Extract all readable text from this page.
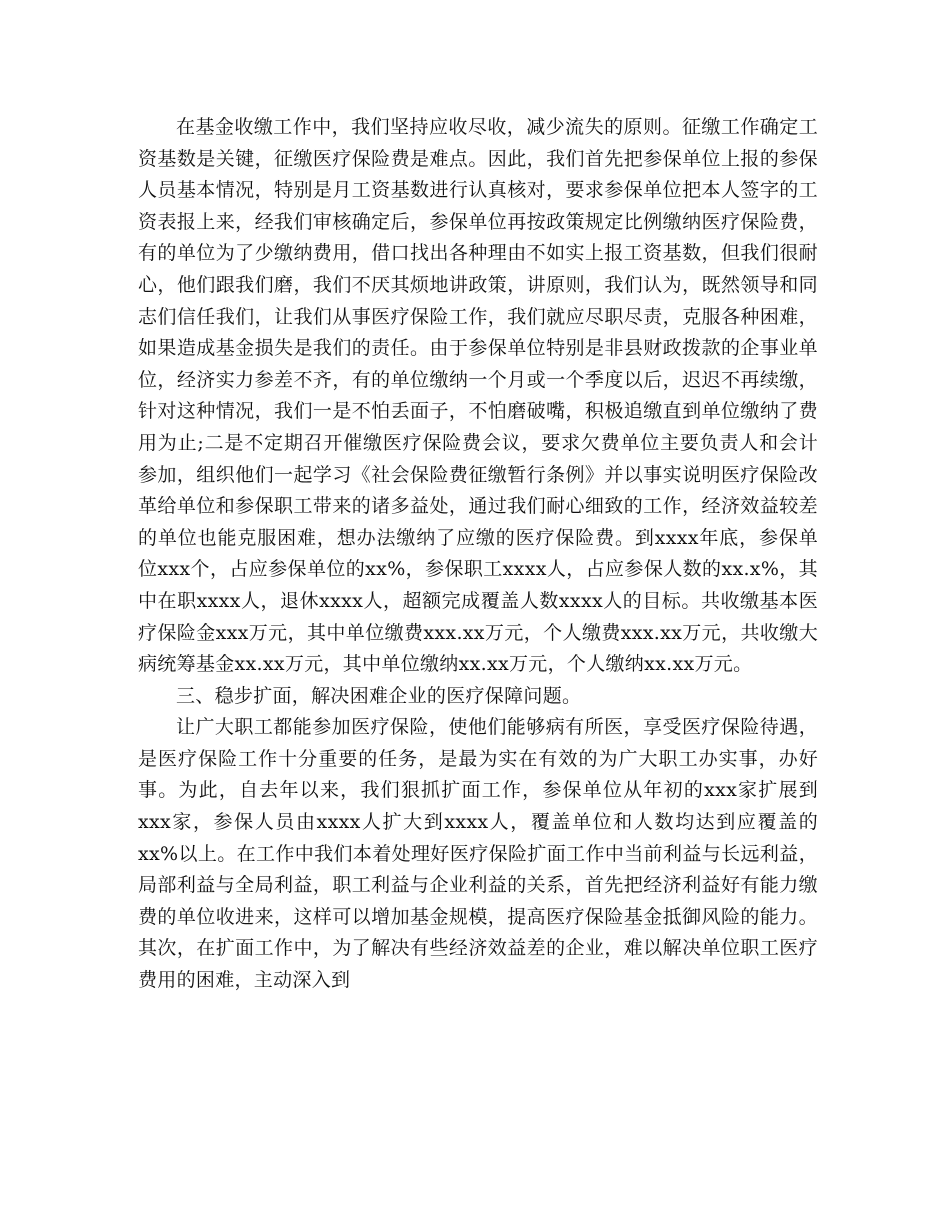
在基金收缴工作中，我们坚持应收尽收，减少流失的原则。征缴工作确定工资基数是关键，征缴医疗保险费是难点。因此，我们首先把参保单位上报的参保人员基本情况，特别是月工资基数进行认真核对，要求参保单位把本人签字的工资表报上来，经我们审核确定后，参保单位再按政策规定比例缴纳医疗保险费，有的单位为了少缴纳费用，借口找出各种理由不如实上报工资基数，但我们很耐心，他们跟我们磨，我们不厌其烦地讲政策，讲原则，我们认为，既然领导和同志们信任我们，让我们从事医疗保险工作，我们就应尽职尽责，克服各种困难，如果造成基金损失是我们的责任。由于参保单位特别是非县财政拨款的企事业单位，经济实力参差不齐，有的单位缴纳一个月或一个季度以后，迟迟不再续缴，针对这种情况，我们一是不怕丢面子，不怕磨破嘴，积极追缴直到单位缴纳了费用为止;二是不定期召开催缴医疗保险费会议，要求欠费单位主要负责人和会计参加，组织他们一起学习《社会保险费征缴暂行条例》并以事实说明医疗保险改革给单位和参保职工带来的诸多益处，通过我们耐心细致的工作，经济效益较差的单位也能克服困难，想办法缴纳了应缴的医疗保险费。到xxxx年底，参保单位xxx个，占应参保单位的xx%，参保职工xxxx人，占应参保人数的xx.x%，其中在职xxxx人，退休xxxx人，超额完成覆盖人数xxxx人的目标。共收缴基本医疗保险金xxx万元，其中单位缴费xxx.xx万元，个人缴费xxx.xx万元，共收缴大病统筹基金xx.xx万元，其中单位缴纳xx.xx万元，个人缴纳xx.xx万元。

三、稳步扩面，解决困难企业的医疗保障问题。

让广大职工都能参加医疗保险，使他们能够病有所医，享受医疗保险待遇，是医疗保险工作十分重要的任务，是最为实在有效的为广大职工办实事，办好事。为此，自去年以来，我们狠抓扩面工作，参保单位从年初的xxx家扩展到xxx家，参保人员由xxxx人扩大到xxxx人，覆盖单位和人数均达到应覆盖的xx%以上。在工作中我们本着处理好医疗保险扩面工作中当前利益与长远利益，局部利益与全局利益，职工利益与企业利益的关系，首先把经济利益好有能力缴费的单位收进来，这样可以增加基金规模，提高医疗保险基金抵御风险的能力。其次，在扩面工作中，为了解决有些经济效益差的企业，难以解决单位职工医疗费用的困难，主动深入到
